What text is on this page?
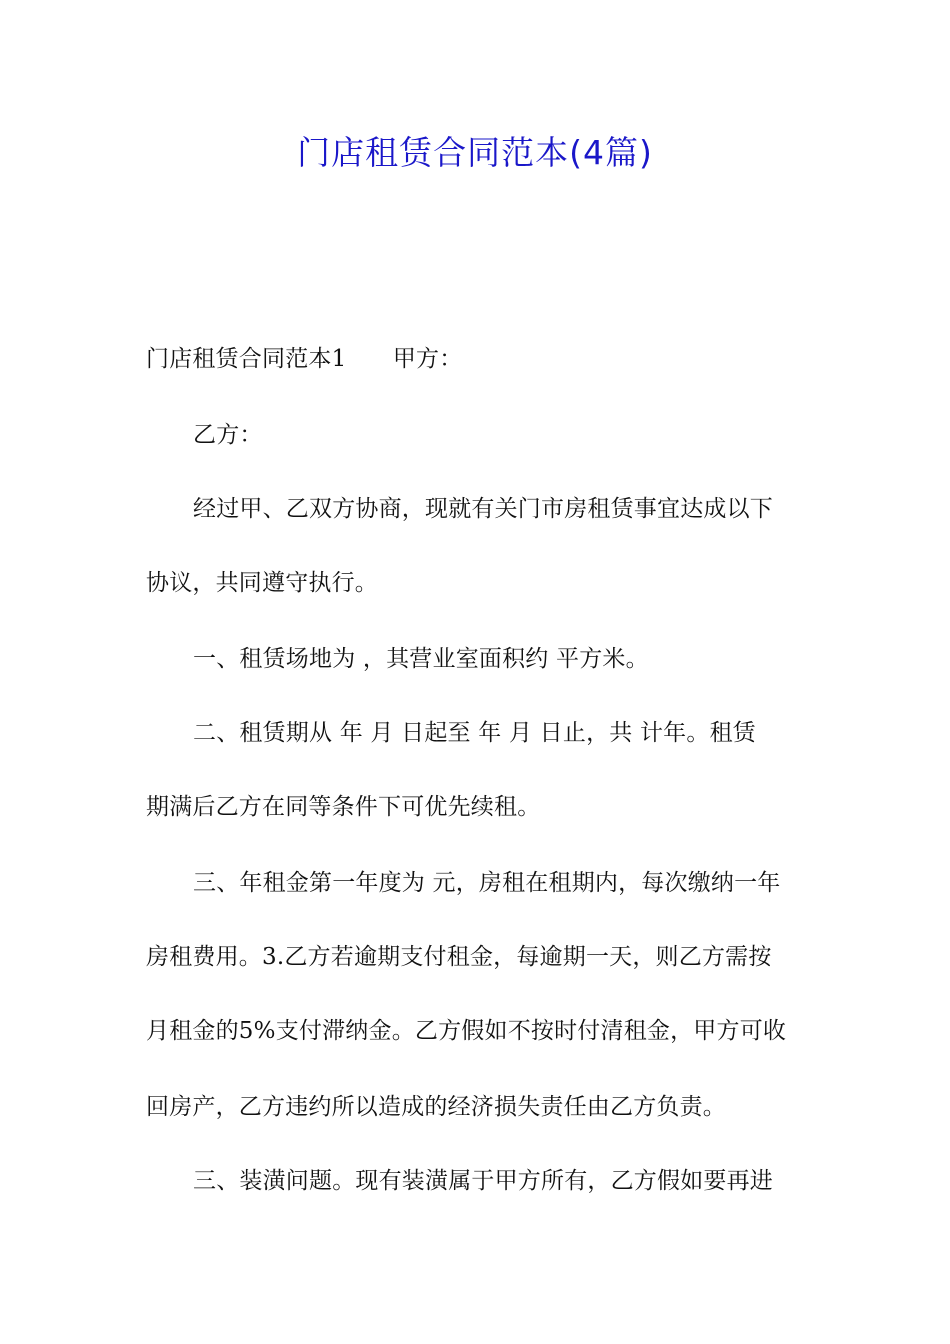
门店租赁合同范本(4篇)
门店租赁合同范本1　　甲方：
乙方：
经过甲、乙双方协商，现就有关门市房租赁事宜达成以下
协议，共同遵守执行。
一、租赁场地为 ，其营业室面积约 平方米。
二、租赁期从 年 月 日起至 年 月 日止，共 计年。租赁
期满后乙方在同等条件下可优先续租。
三、年租金第一年度为 元，房租在租期内，每次缴纳一年
房租费用。3.乙方若逾期支付租金，每逾期一天，则乙方需按
月租金的5%支付滞纳金。乙方假如不按时付清租金，甲方可收
回房产，乙方违约所以造成的经济损失责任由乙方负责。
三、装潢问题。现有装潢属于甲方所有，乙方假如要再进
